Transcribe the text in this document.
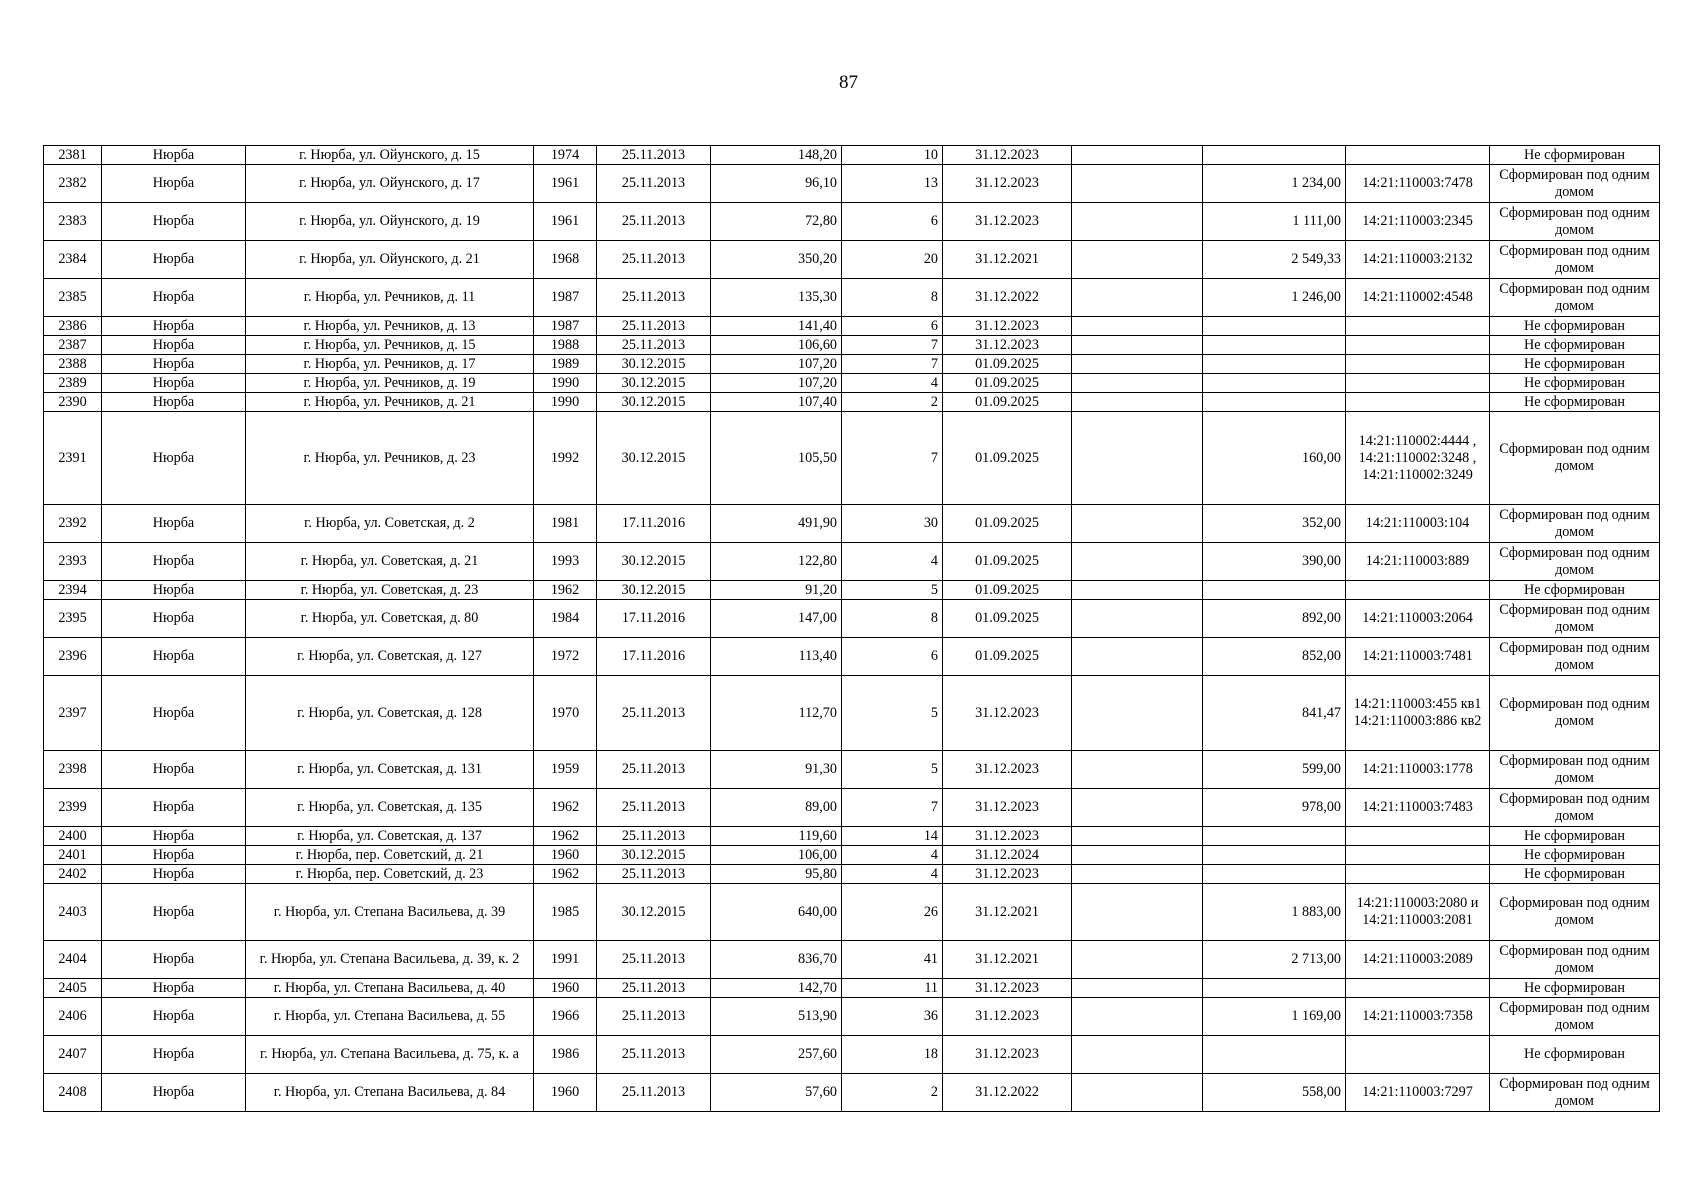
87
2381	Нюрба	г. Нюрба, ул. Ойунского, д. 15	1974	25.11.2013	148,20	10	31.12.2023				Не сформирован
2382	Нюрба	г. Нюрба, ул. Ойунского, д. 17	1961	25.11.2013	96,10	13	31.12.2023		1 234,00	14:21:110003:7478	Сформирован под одним домом
2383	Нюрба	г. Нюрба, ул. Ойунского, д. 19	1961	25.11.2013	72,80	6	31.12.2023		1 111,00	14:21:110003:2345	Сформирован под одним домом
2384	Нюрба	г. Нюрба, ул. Ойунского, д. 21	1968	25.11.2013	350,20	20	31.12.2021		2 549,33	14:21:110003:2132	Сформирован под одним домом
2385	Нюрба	г. Нюрба, ул. Речников, д. 11	1987	25.11.2013	135,30	8	31.12.2022		1 246,00	14:21:110002:4548	Сформирован под одним домом
2386	Нюрба	г. Нюрба, ул. Речников, д. 13	1987	25.11.2013	141,40	6	31.12.2023				Не сформирован
2387	Нюрба	г. Нюрба, ул. Речников, д. 15	1988	25.11.2013	106,60	7	31.12.2023				Не сформирован
2388	Нюрба	г. Нюрба, ул. Речников, д. 17	1989	30.12.2015	107,20	7	01.09.2025				Не сформирован
2389	Нюрба	г. Нюрба, ул. Речников, д. 19	1990	30.12.2015	107,20	4	01.09.2025				Не сформирован
2390	Нюрба	г. Нюрба, ул. Речников, д. 21	1990	30.12.2015	107,40	2	01.09.2025				Не сформирован
2391	Нюрба	г. Нюрба, ул. Речников, д. 23	1992	30.12.2015	105,50	7	01.09.2025		160,00	14:21:110002:4444 , 14:21:110002:3248 , 14:21:110002:3249	Сформирован под одним домом
2392	Нюрба	г. Нюрба, ул. Советская, д. 2	1981	17.11.2016	491,90	30	01.09.2025		352,00	14:21:110003:104	Сформирован под одним домом
2393	Нюрба	г. Нюрба, ул. Советская, д. 21	1993	30.12.2015	122,80	4	01.09.2025		390,00	14:21:110003:889	Сформирован под одним домом
2394	Нюрба	г. Нюрба, ул. Советская, д. 23	1962	30.12.2015	91,20	5	01.09.2025				Не сформирован
2395	Нюрба	г. Нюрба, ул. Советская, д. 80	1984	17.11.2016	147,00	8	01.09.2025		892,00	14:21:110003:2064	Сформирован под одним домом
2396	Нюрба	г. Нюрба, ул. Советская, д. 127	1972	17.11.2016	113,40	6	01.09.2025		852,00	14:21:110003:7481	Сформирован под одним домом
2397	Нюрба	г. Нюрба, ул. Советская, д. 128	1970	25.11.2013	112,70	5	31.12.2023		841,47	14:21:110003:455 кв1 14:21:110003:886 кв2	Сформирован под одним домом
2398	Нюрба	г. Нюрба, ул. Советская, д. 131	1959	25.11.2013	91,30	5	31.12.2023		599,00	14:21:110003:1778	Сформирован под одним домом
2399	Нюрба	г. Нюрба, ул. Советская, д. 135	1962	25.11.2013	89,00	7	31.12.2023		978,00	14:21:110003:7483	Сформирован под одним домом
2400	Нюрба	г. Нюрба, ул. Советская, д. 137	1962	25.11.2013	119,60	14	31.12.2023				Не сформирован
2401	Нюрба	г. Нюрба, пер. Советский, д. 21	1960	30.12.2015	106,00	4	31.12.2024				Не сформирован
2402	Нюрба	г. Нюрба, пер. Советский, д. 23	1962	25.11.2013	95,80	4	31.12.2023				Не сформирован
2403	Нюрба	г. Нюрба, ул. Степана Васильева, д. 39	1985	30.12.2015	640,00	26	31.12.2021		1 883,00	14:21:110003:2080 и 14:21:110003:2081	Сформирован под одним домом
2404	Нюрба	г. Нюрба, ул. Степана Васильева, д. 39, к. 2	1991	25.11.2013	836,70	41	31.12.2021		2 713,00	14:21:110003:2089	Сформирован под одним домом
2405	Нюрба	г. Нюрба, ул. Степана Васильева, д. 40	1960	25.11.2013	142,70	11	31.12.2023				Не сформирован
2406	Нюрба	г. Нюрба, ул. Степана Васильева, д. 55	1966	25.11.2013	513,90	36	31.12.2023		1 169,00	14:21:110003:7358	Сформирован под одним домом
2407	Нюрба	г. Нюрба, ул. Степана Васильева, д. 75, к. а	1986	25.11.2013	257,60	18	31.12.2023				Не сформирован
2408	Нюрба	г. Нюрба, ул. Степана Васильева, д. 84	1960	25.11.2013	57,60	2	31.12.2022		558,00	14:21:110003:7297	Сформирован под одним домом
